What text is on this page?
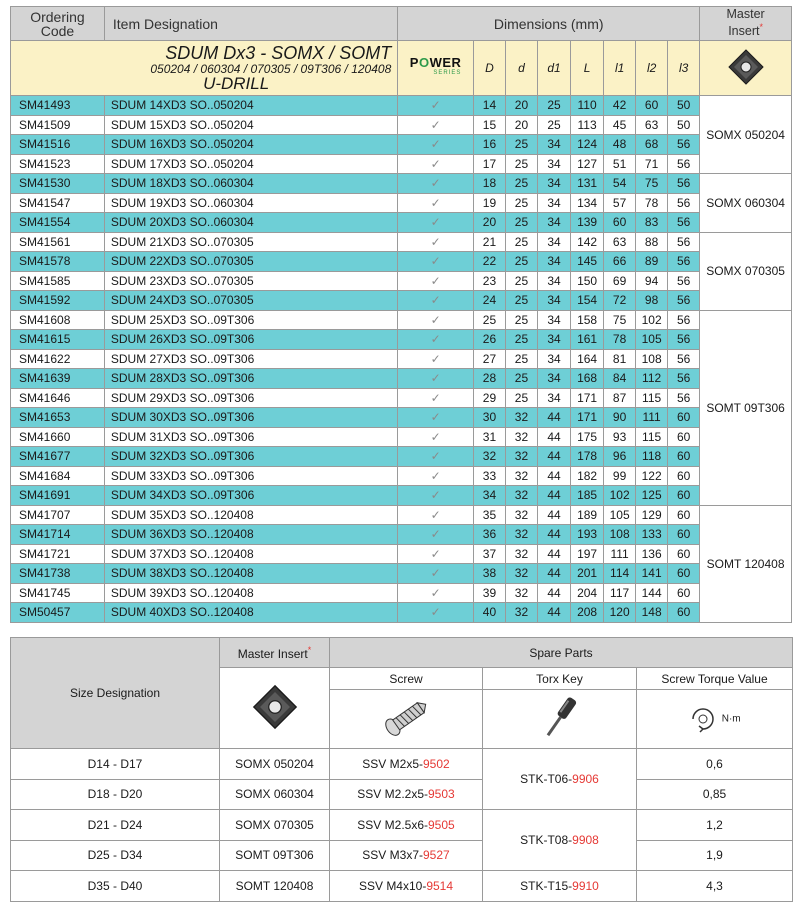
Ordering
Code	Item Designation	Dimensions (mm)								Master
Insert*

SDUM Dx3 - SOMX / SOMT
050204 / 060304 / 070305 / 09T306 / 120408
U-DRILL		POWER
SERIES	D	d	d1	L	l1	l2	l3	
SM41493	SDUM 14XD3 SO..050204	✓	14	20	25	110	42	60	50	SOMX 050204
SM41509	SDUM 15XD3 SO..050204	✓	15	20	25	113	45	63	50	
SM41516	SDUM 16XD3 SO..050204	✓	16	25	34	124	48	68	56	
SM41523	SDUM 17XD3 SO..050204	✓	17	25	34	127	51	71	56	
SM41530	SDUM 18XD3 SO..060304	✓	18	25	34	131	54	75	56	SOMX 060304
SM41547	SDUM 19XD3 SO..060304	✓	19	25	34	134	57	78	56	
SM41554	SDUM 20XD3 SO..060304	✓	20	25	34	139	60	83	56	
SM41561	SDUM 21XD3 SO..070305	✓	21	25	34	142	63	88	56	SOMX 070305
SM41578	SDUM 22XD3 SO..070305	✓	22	25	34	145	66	89	56	
SM41585	SDUM 23XD3 SO..070305	✓	23	25	34	150	69	94	56	
SM41592	SDUM 24XD3 SO..070305	✓	24	25	34	154	72	98	56	
SM41608	SDUM 25XD3 SO..09T306	✓	25	25	34	158	75	102	56	SOMT 09T306
SM41615	SDUM 26XD3 SO..09T306	✓	26	25	34	161	78	105	56	
SM41622	SDUM 27XD3 SO..09T306	✓	27	25	34	164	81	108	56	
SM41639	SDUM 28XD3 SO..09T306	✓	28	25	34	168	84	112	56	
SM41646	SDUM 29XD3 SO..09T306	✓	29	25	34	171	87	115	56	
SM41653	SDUM 30XD3 SO..09T306	✓	30	32	44	171	90	111	60	
SM41660	SDUM 31XD3 SO..09T306	✓	31	32	44	175	93	115	60	
SM41677	SDUM 32XD3 SO..09T306	✓	32	32	44	178	96	118	60	
SM41684	SDUM 33XD3 SO..09T306	✓	33	32	44	182	99	122	60	
SM41691	SDUM 34XD3 SO..09T306	✓	34	32	44	185	102	125	60	
SM41707	SDUM 35XD3 SO..120408	✓	35	32	44	189	105	129	60	SOMT 120408
SM41714	SDUM 36XD3 SO..120408	✓	36	32	44	193	108	133	60	
SM41721	SDUM 37XD3 SO..120408	✓	37	32	44	197	111	136	60	
SM41738	SDUM 38XD3 SO..120408	✓	38	32	44	201	114	141	60	
SM41745	SDUM 39XD3 SO..120408	✓	39	32	44	204	117	144	60	
SM50457	SDUM 40XD3 SO..120408	✓	40	32	44	208	120	148	60	
Size Designation	Master Insert*	Spare Parts		
	Screw	Torx Key	Screw Torque Value
		N·m
D14 - D17	SOMX 050204	SSV M2x5-9502	STK-T06-9906	0,6
D18 - D20	SOMX 060304	SSV M2.2x5-9503		0,85
D21 - D24	SOMX 070305	SSV M2.5x6-9505	STK-T08-9908	1,2
D25 - D34	SOMT 09T306	SSV M3x7-9527		1,9
D35 - D40	SOMT 120408	SSV M4x10-9514	STK-T15-9910	4,3
